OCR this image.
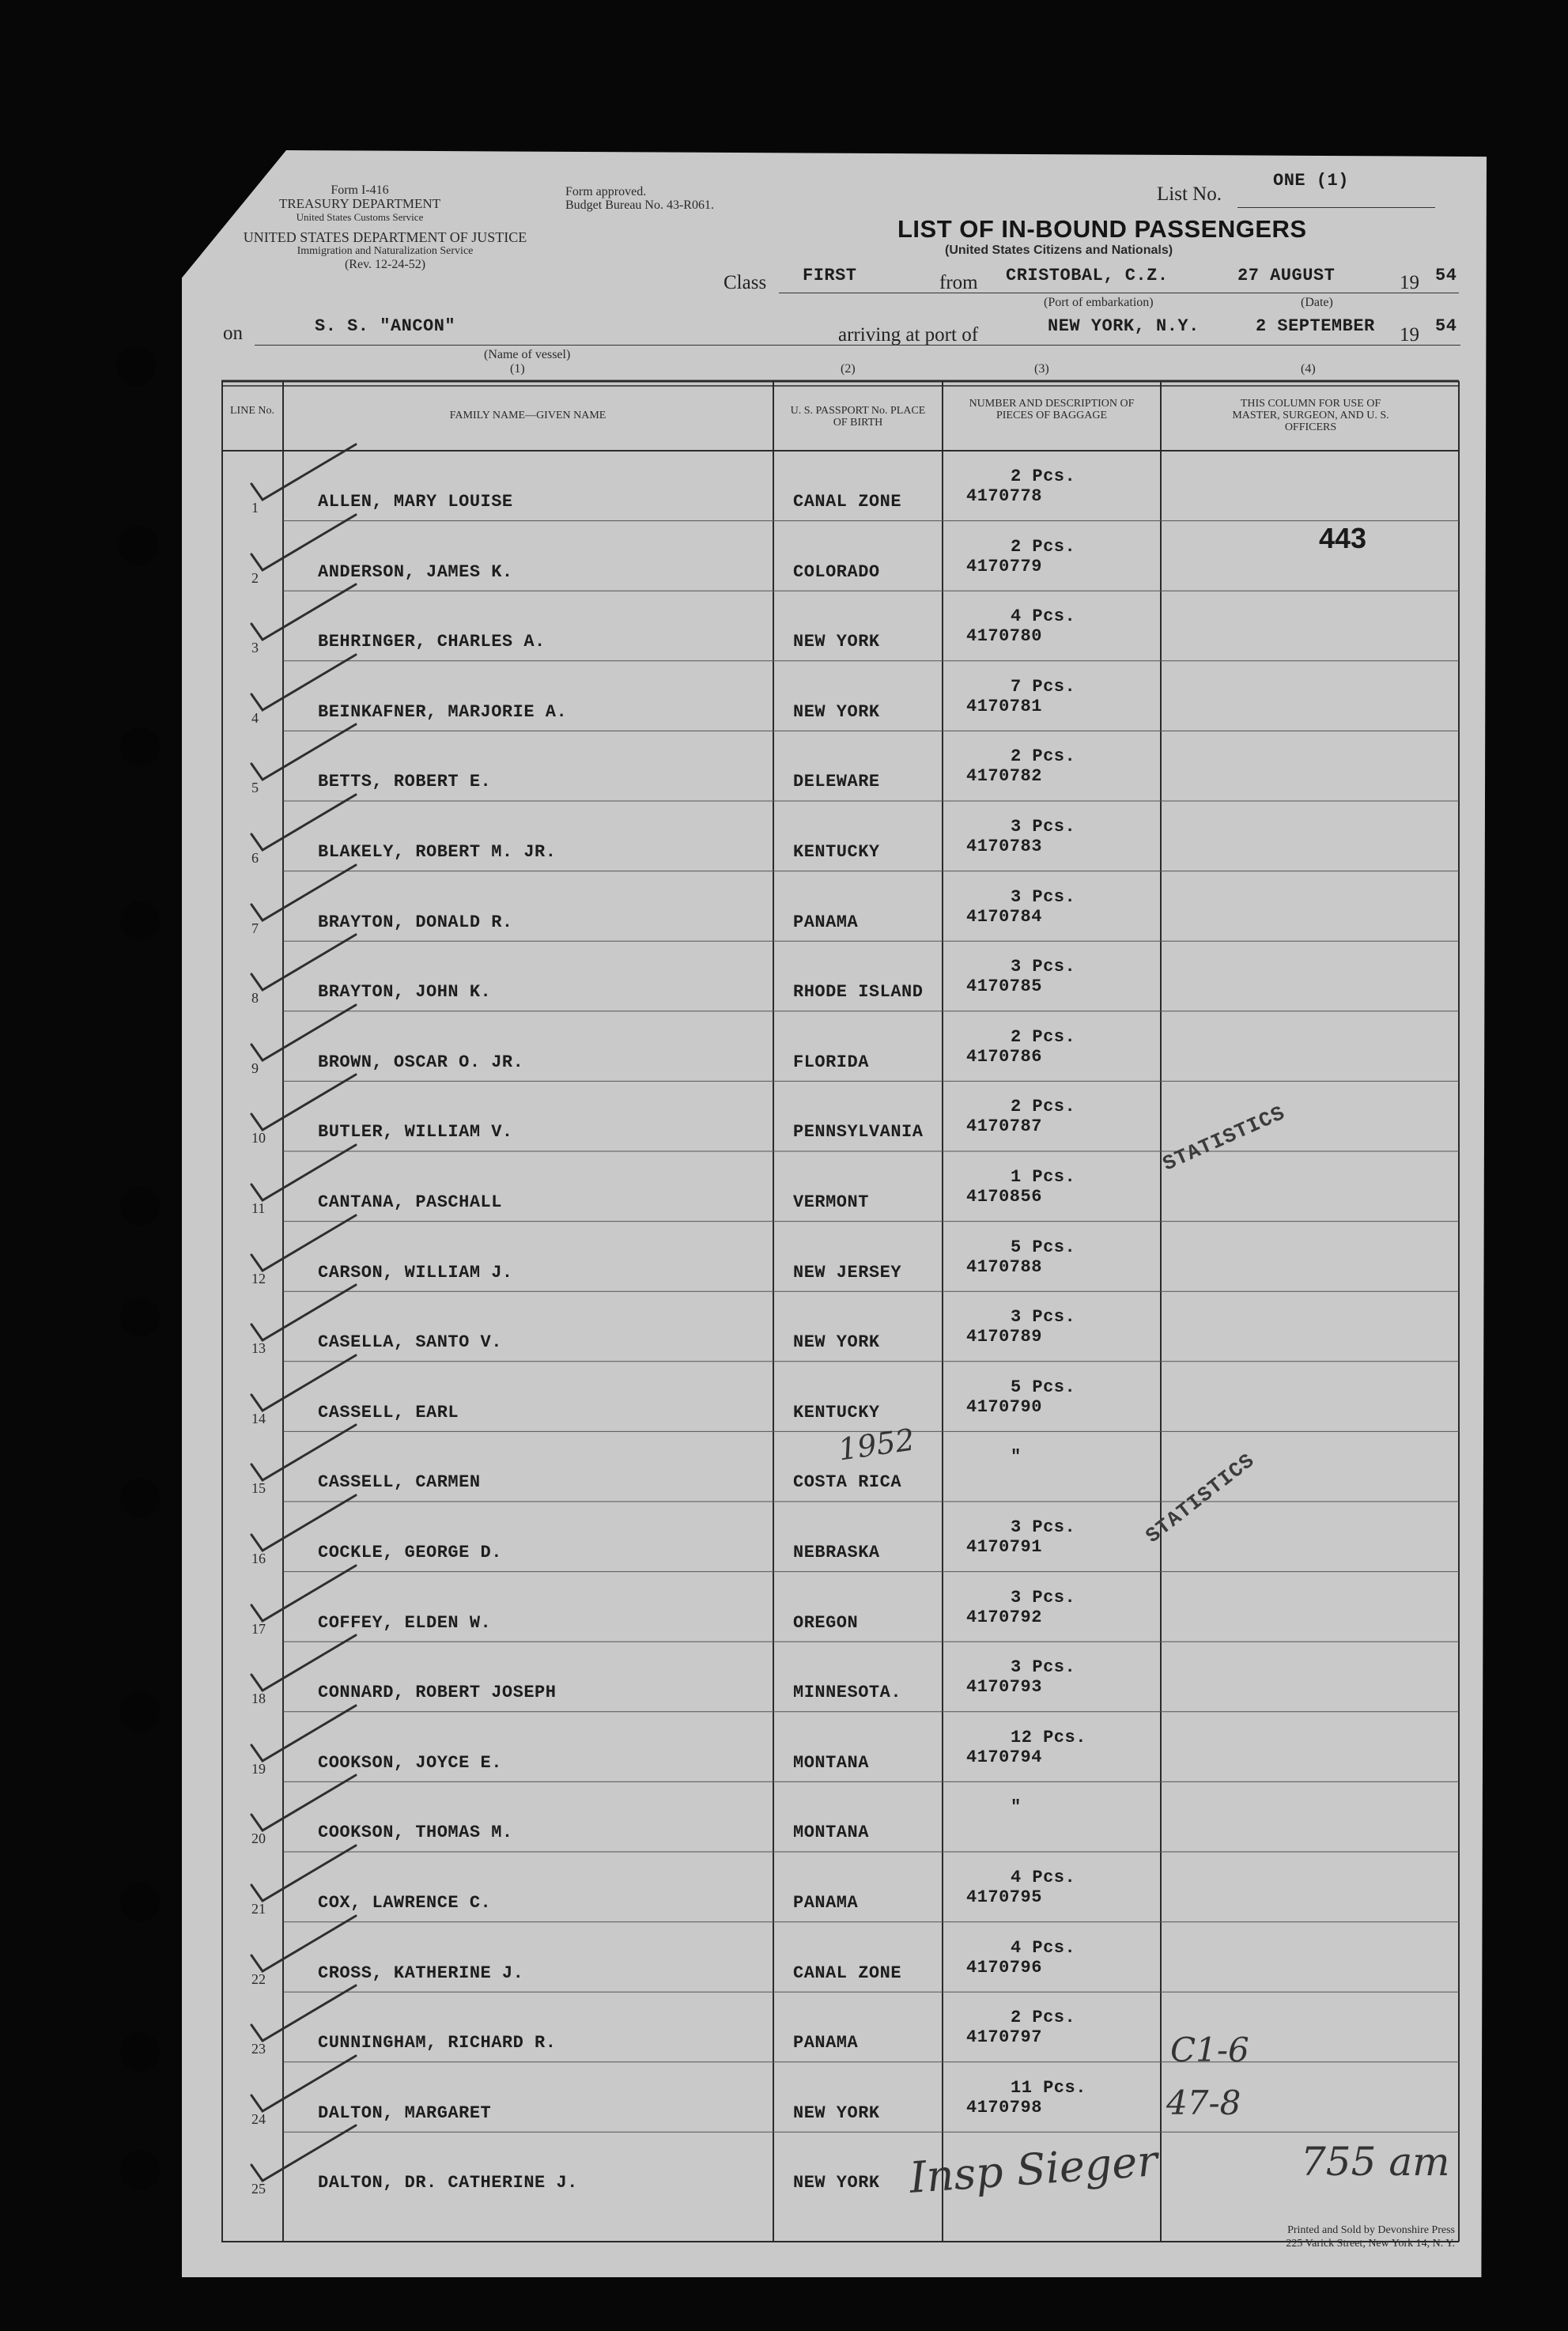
Form I-416
TREASURY DEPARTMENT
United States Customs Service
Form approved.
Budget Bureau No. 43-R061.
UNITED STATES DEPARTMENT OF JUSTICE
Immigration and Naturalization Service
(Rev. 12-24-52)
List No.
ONE (1)
LIST OF IN-BOUND PASSENGERS
(United States Citizens and Nationals)
Class FIRST	from CRISTOBAL, C.Z.	27 AUGUST	19 54
(Port of embarkation)	(Date)
on	S. S. "ANCON"	arriving at port of	NEW YORK, N.Y.	2 SEPTEMBER 19 54
(Name of vessel)
(1)	(2)	(3)	(4)
LINE No.	FAMILY NAME—GIVEN NAME	U. S. PASSPORT No. PLACE OF BIRTH
NUMBER AND DESCRIPTION OF PIECES OF BAGGAGE
THIS COLUMN FOR USE OF MASTER, SURGEON, AND U. S. OFFICERS
1	ALLEN, MARY LOUISE	CANAL ZONE
2 Pcs.
4170778
2	ANDERSON, JAMES K.	COLORADO
2 Pcs.
4170779
3	BEHRINGER, CHARLES A.	NEW YORK
4 Pcs.
4170780
4	BEINKAFNER, MARJORIE A.	NEW YORK
7 Pcs.
4170781
5	BETTS, ROBERT E.	DELEWARE
2 Pcs.
4170782
6	BLAKELY, ROBERT M. JR.	KENTUCKY
3 Pcs.
4170783
7	BRAYTON, DONALD R.	PANAMA
3 Pcs.
4170784
8	BRAYTON, JOHN K.	RHODE ISLAND
3 Pcs.
4170785
9	BROWN, OSCAR O. JR.	FLORIDA
2 Pcs.
4170786
10	BUTLER, WILLIAM V.	PENNSYLVANIA
2 Pcs.
4170787
11	CANTANA, PASCHALL	VERMONT
1 Pcs.
4170856
12	CARSON, WILLIAM J.	NEW JERSEY
5 Pcs.
4170788
13	CASELLA, SANTO V.	NEW YORK
3 Pcs.
4170789
14	CASSELL, EARL	KENTUCKY
5 Pcs.
4170790
15	CASSELL, CARMEN	COSTA RICA
"
16	COCKLE, GEORGE D.	NEBRASKA
3 Pcs.
4170791
17	COFFEY, ELDEN W.	OREGON
3 Pcs.
4170792
18	CONNARD, ROBERT JOSEPH	MINNESOTA.
3 Pcs.
4170793
19	COOKSON, JOYCE E.	MONTANA
12 Pcs.
4170794
20	COOKSON, THOMAS M.	MONTANA
"
21	COX, LAWRENCE C.	PANAMA
4 Pcs.
4170795
22	CROSS, KATHERINE J.	CANAL ZONE
4 Pcs.
4170796
23	CUNNINGHAM, RICHARD R.	PANAMA
2 Pcs.
4170797
24	DALTON, MARGARET	NEW YORK
11 Pcs.
4170798
25	DALTON, DR. CATHERINE J.	NEW YORK
443
STATISTICS
STATISTICS
1952
C1-6
47-8
Insp Sieger	755 am
Printed and Sold by Devonshire Press
225 Varick Street, New York 14, N. Y.
